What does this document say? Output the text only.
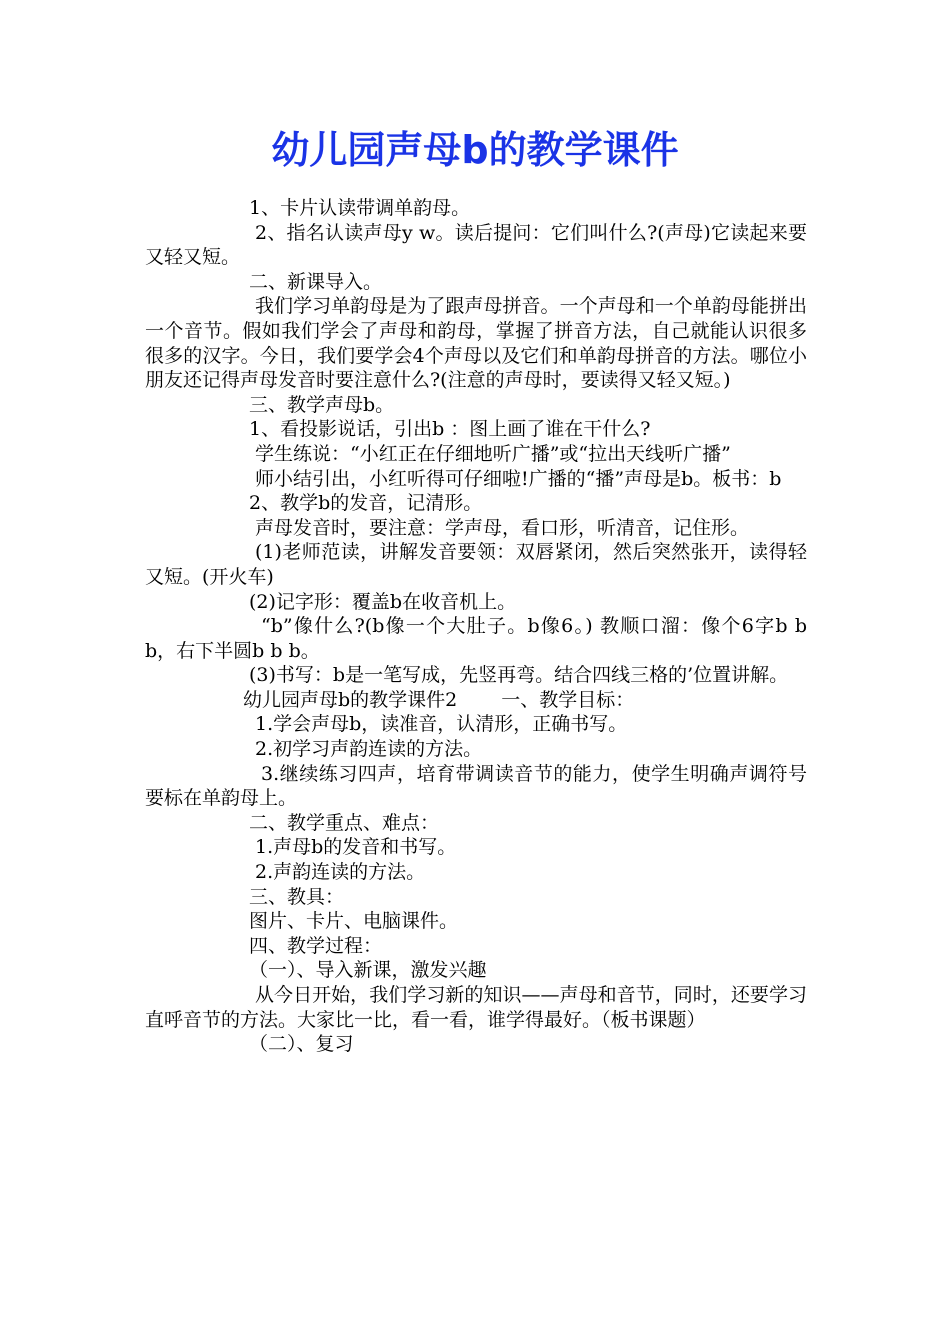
幼儿园声母b的教学课件

1、卡片认读带调单韵母。

2、指名认读声母y w。读后提问：它们叫什么?(声母)它读起来要又轻又短。

二、新课导入。

我们学习单韵母是为了跟声母拼音。一个声母和一个单韵母能拼出一个音节。假如我们学会了声母和韵母，掌握了拼音方法，自己就能认识很多很多的汉字。今日，我们要学会4个声母以及它们和单韵母拼音的方法。哪位小朋友还记得声母发音时要注意什么?(注意的声母时，要读得又轻又短。)

三、教学声母b。

1、看投影说话，引出b ：图上画了谁在干什么?

学生练说：“小红正在仔细地听广播”或“拉出天线听广播”

师小结引出，小红听得可仔细啦!广播的“播”声母是b。板书：b

2、教学b的发音，记清形。

声母发音时，要注意：学声母，看口形，听清音，记住形。

(1)老师范读，讲解发音要领：双唇紧闭，然后突然张开，读得轻又短。(开火车)

(2)记字形：覆盖b在收音机上。

“b”像什么?(b像一个大肚子。b像6。) 教顺口溜：像个6字b b b，右下半圆b b b。

(3)书写：b是一笔写成，先竖再弯。结合四线三格的’位置讲解。

幼儿园声母b的教学课件2　　 一、教学目标：

1.学会声母b，读准音，认清形，正确书写。

2.初学习声韵连读的方法。

3.继续练习四声，培育带调读音节的能力，使学生明确声调符号要标在单韵母上。

二、教学重点、难点：

1.声母b的发音和书写。

2.声韵连读的方法。

三、教具：

图片、卡片、电脑课件。

四、教学过程：

（一）、导入新课，激发兴趣

从今日开始，我们学习新的知识——声母和音节，同时，还要学习直呼音节的方法。大家比一比，看一看，谁学得最好。（板书课题）

（二）、复习
